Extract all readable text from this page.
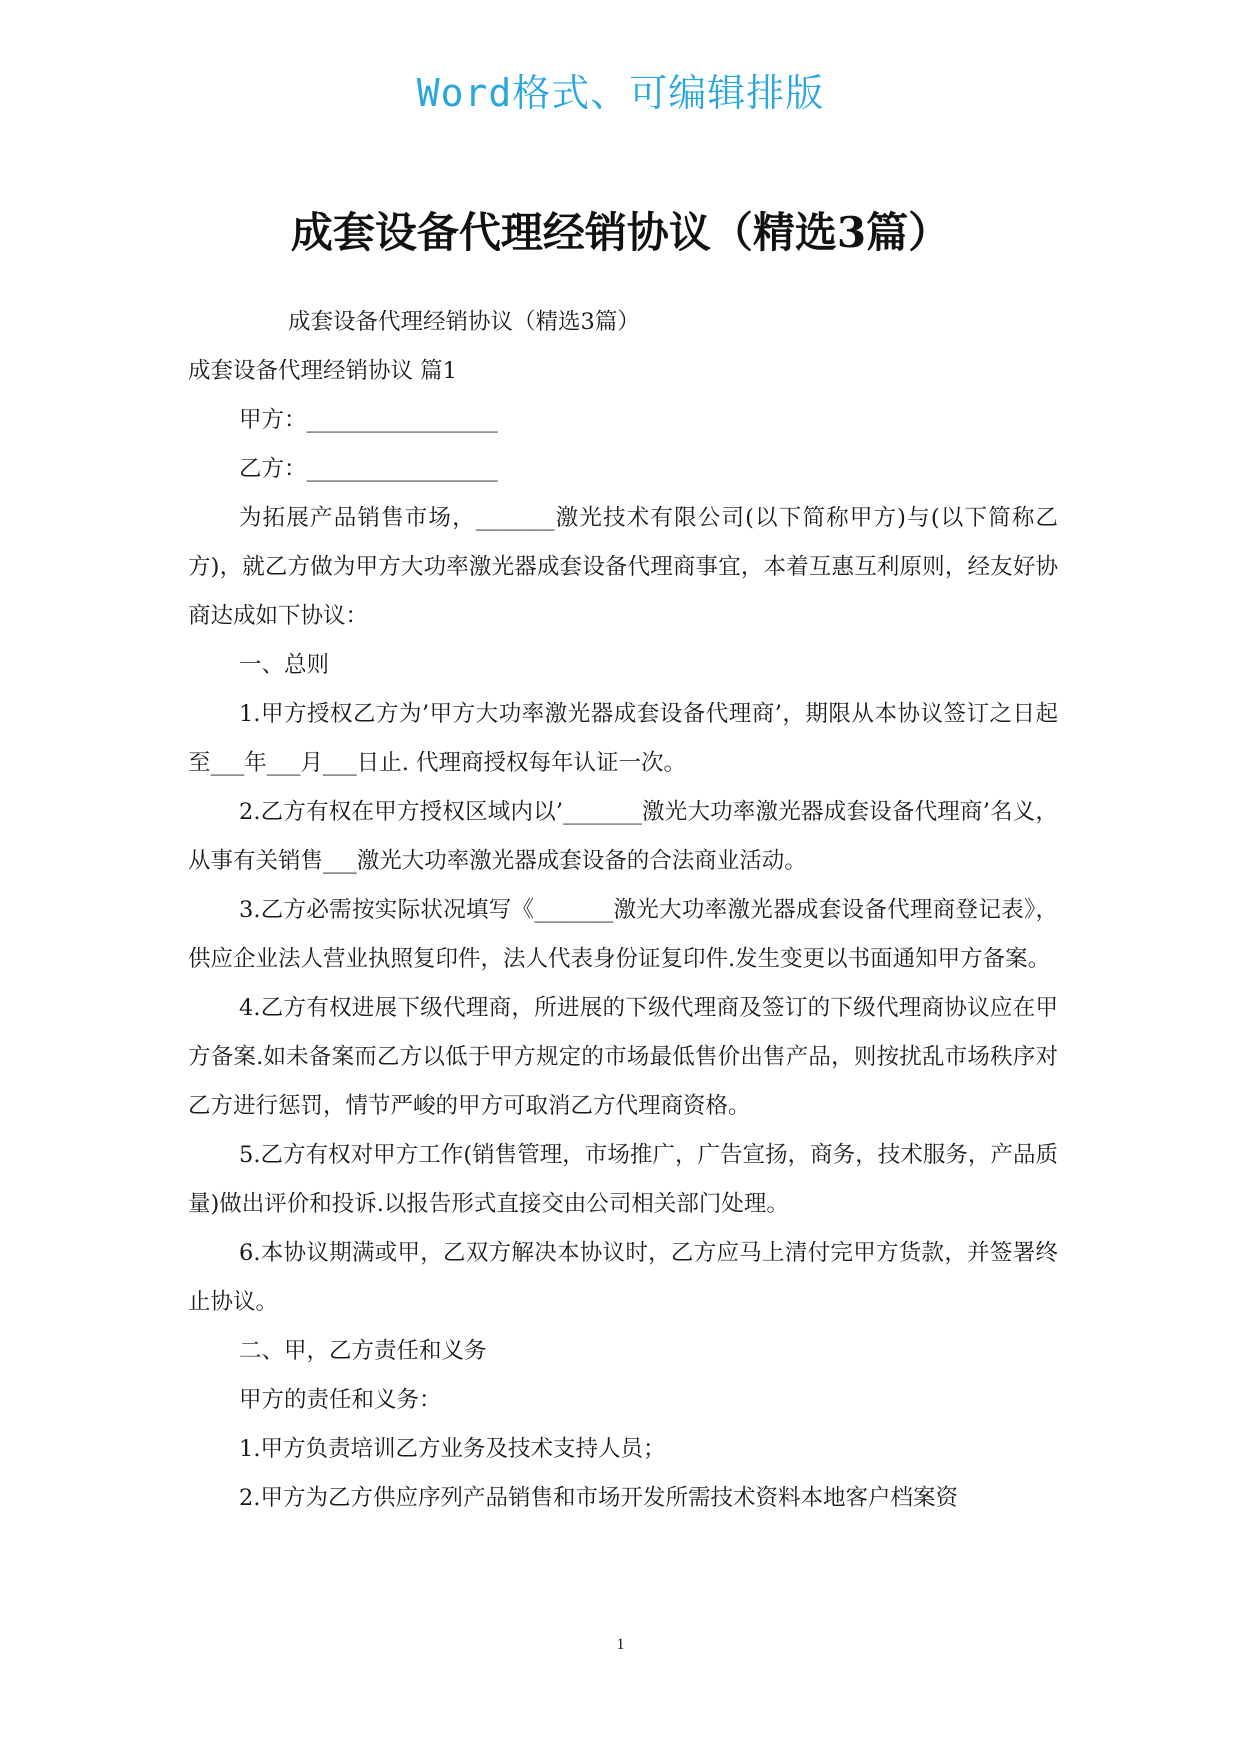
Word格式、可编辑排版
成套设备代理经销协议（精选3篇）

成套设备代理经销协议（精选3篇）

成套设备代理经销协议 篇1

甲方：_________________

乙方：_________________

为拓展产品销售市场，_______激光技术有限公司(以下简称甲方)与(以下简称乙方)，就乙方做为甲方大功率激光器成套设备代理商事宜，本着互惠互利原则，经友好协商达成如下协议：

一、总则

1.甲方授权乙方为’甲方大功率激光器成套设备代理商’，期限从本协议签订之日起至___年___月___日止. 代理商授权每年认证一次。

2.乙方有权在甲方授权区域内以’_______激光大功率激光器成套设备代理商’名义，从事有关销售___激光大功率激光器成套设备的合法商业活动。

3.乙方必需按实际状况填写《_______激光大功率激光器成套设备代理商登记表》，供应企业法人营业执照复印件，法人代表身份证复印件.发生变更以书面通知甲方备案。

4.乙方有权进展下级代理商，所进展的下级代理商及签订的下级代理商协议应在甲方备案.如未备案而乙方以低于甲方规定的市场最低售价出售产品，则按扰乱市场秩序对乙方进行惩罚，情节严峻的甲方可取消乙方代理商资格。

5.乙方有权对甲方工作(销售管理，市场推广，广告宣扬，商务，技术服务，产品质量)做出评价和投诉.以报告形式直接交由公司相关部门处理。

6.本协议期满或甲，乙双方解决本协议时，乙方应马上清付完甲方货款，并签署终止协议。

二、甲，乙方责任和义务

甲方的责任和义务：

1.甲方负责培训乙方业务及技术支持人员；

2.甲方为乙方供应序列产品销售和市场开发所需技术资料本地客户档案资

1
